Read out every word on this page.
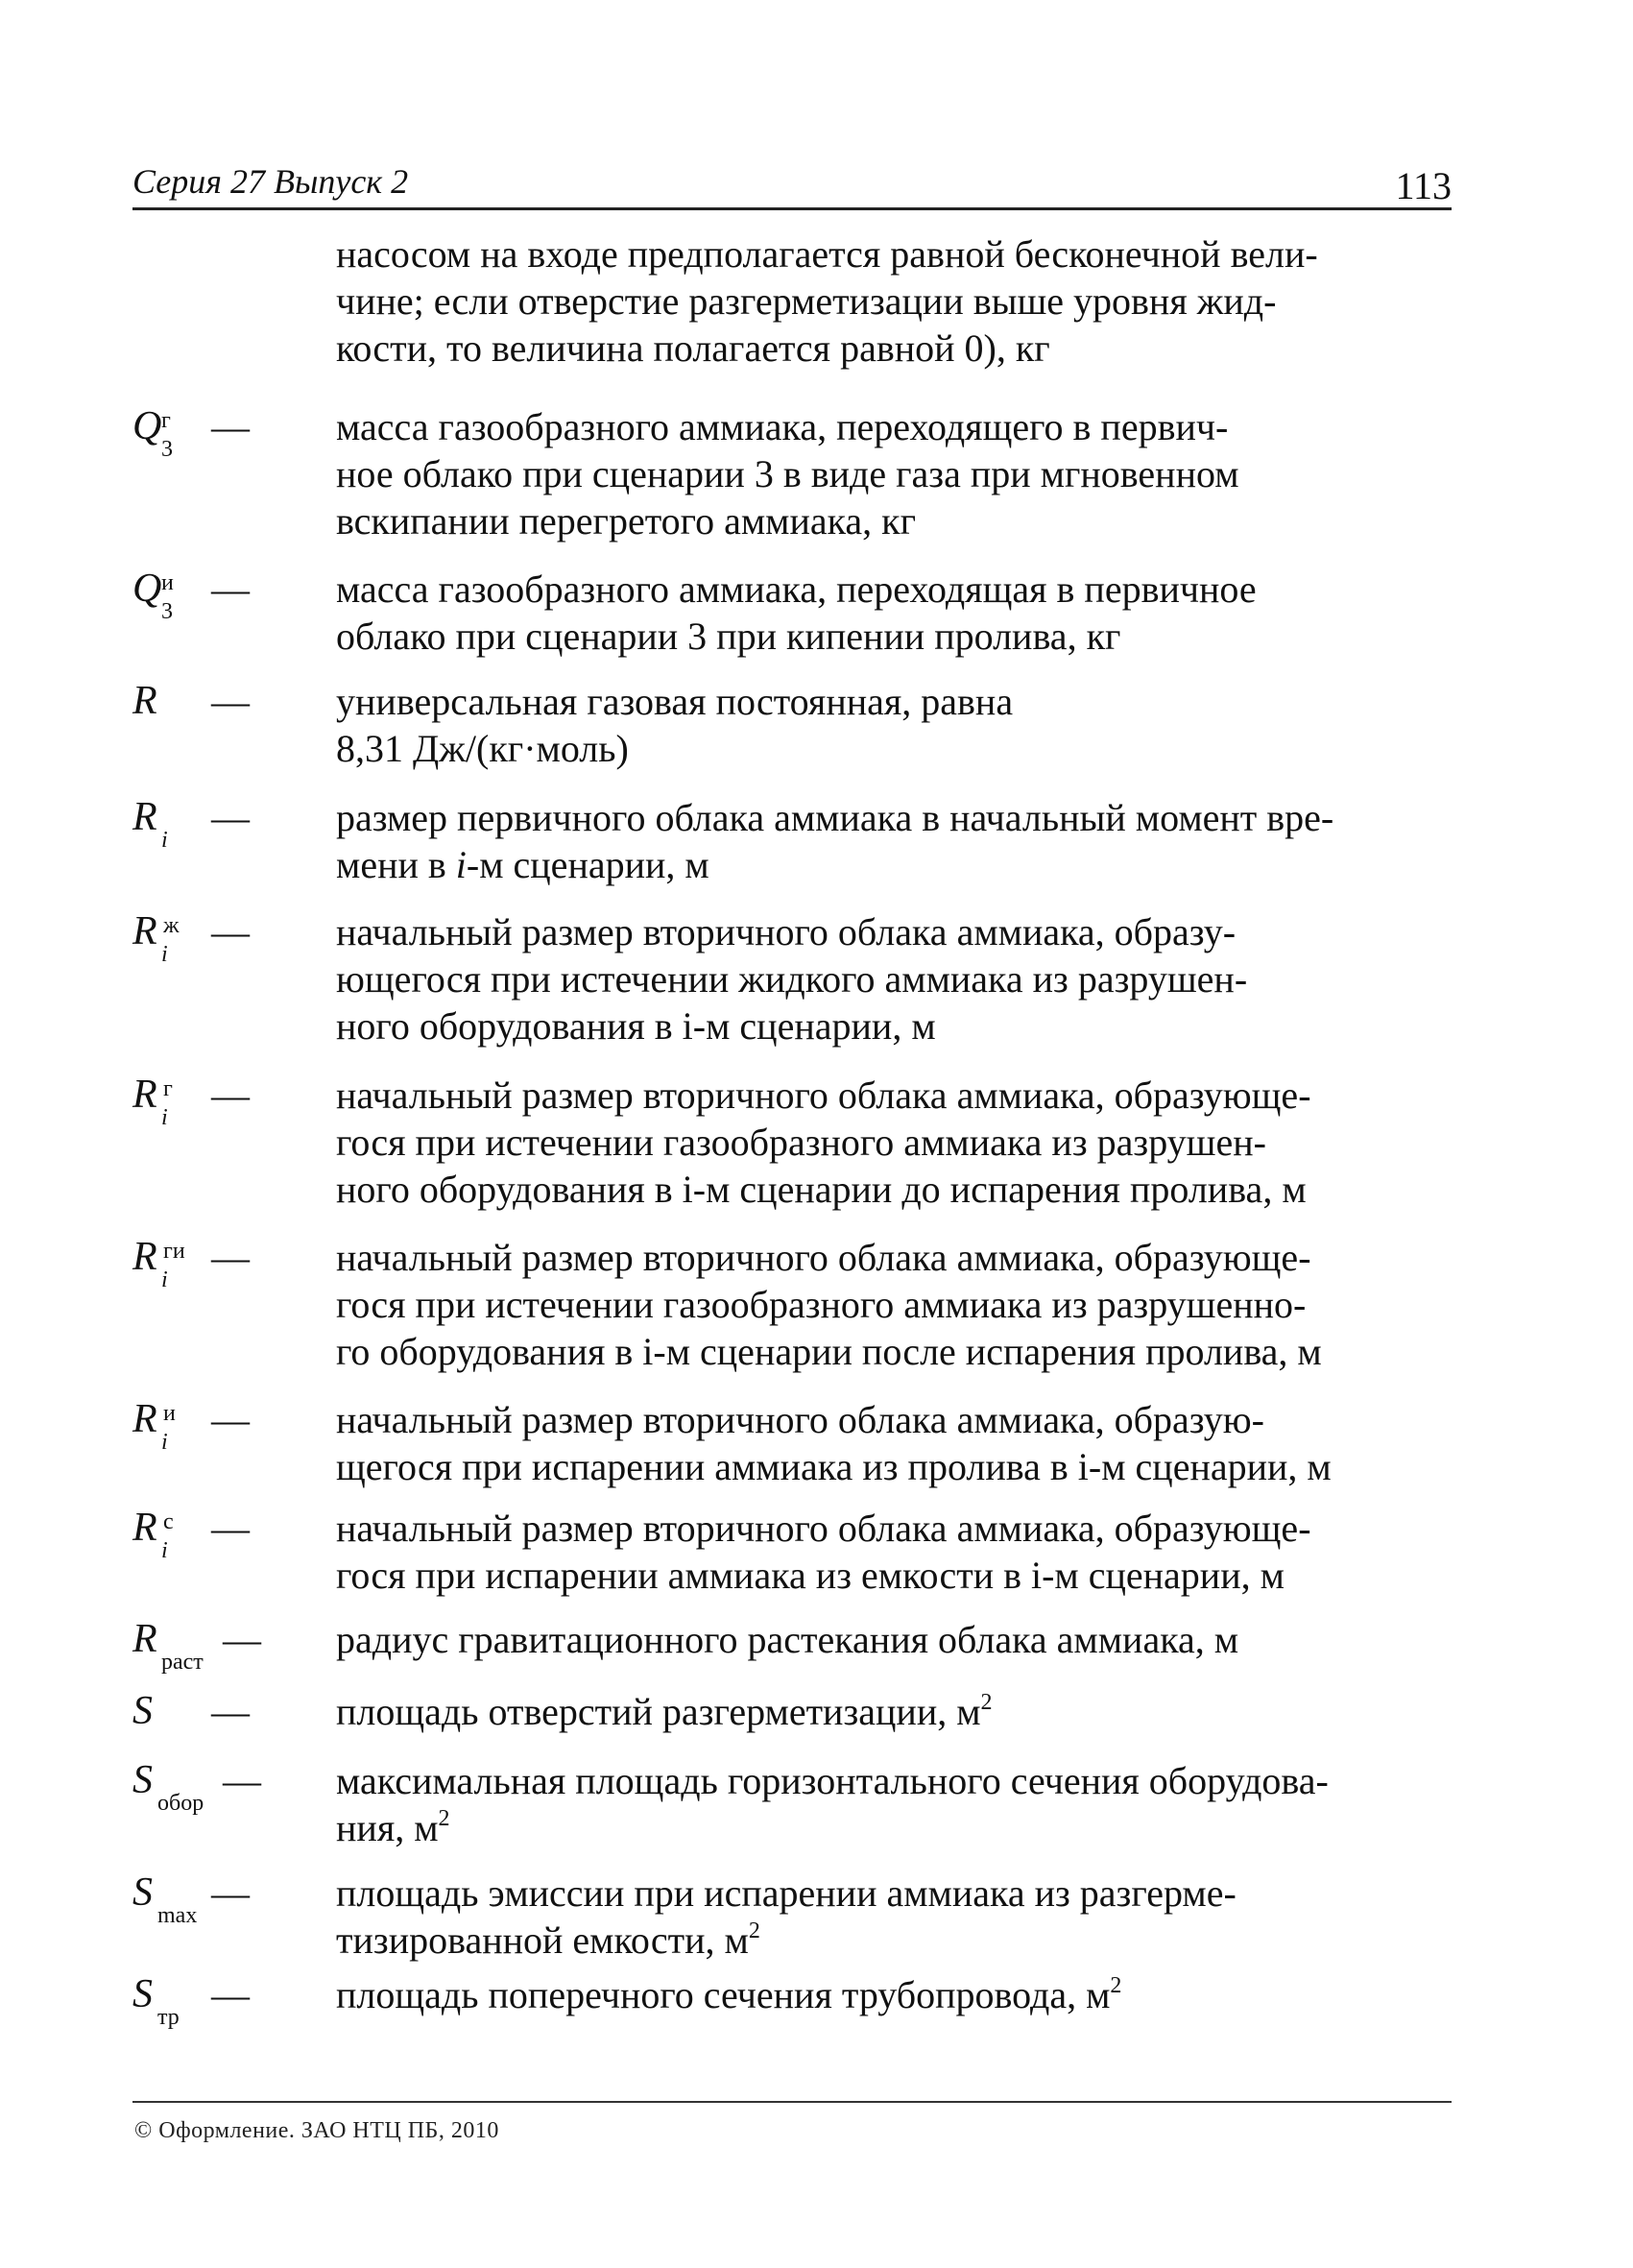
Серия 27 Выпуск 2	113
насосом на входе предполагается равной бесконечной вели-
чине; если отверстие разгерметизации выше уровня жид-
кости, то величина полагается равной 0), кг
Q г
3
— масса газообразного аммиака, переходящего в первич-
ное облако при сценарии 3 в виде газа при мгновенном
вскипании перегретого аммиака, кг
Q и
3
— масса газообразного аммиака, переходящая в первичное
облако при сценарии 3 при кипении пролива, кг
R — универсальная газовая постоянная, равна
8,31 Дж/(кг·моль)
R
i
— размер первичного облака аммиака в начальный момент вре-
мени в i-м сценарии, м
R ж
i
— начальный размер вторичного облака аммиака, образу-
ющегося при истечении жидкого аммиака из разрушен-
ного оборудования в i-м сценарии, м
R г
i
— начальный размер вторичного облака аммиака, образующе-
гося при истечении газообразного аммиака из разрушен-
ного оборудования в i-м сценарии до испарения пролива, м
R ги
i
— начальный размер вторичного облака аммиака, образующе-
гося при истечении газообразного аммиака из разрушенно-
го оборудования в i-м сценарии после испарения пролива, м
R и
i
— начальный размер вторичного облака аммиака, образую-
щегося при испарении аммиака из пролива в i-м сценарии, м
R с
i
— начальный размер вторичного облака аммиака, образующе-
гося при испарении аммиака из емкости в i-м сценарии, м
R
раст
— радиус гравитационного растекания облака аммиака, м
S — площадь отверстий разгерметизации, $м^2$
S
обор
— максимальная площадь горизонтального сечения оборудова-
ния, $м^2$
S
max
— площадь эмиссии при испарении аммиака из разгерме-
тизированной емкости, $м^2$
S
тр
— площадь поперечного сечения трубопровода, $м^2$
© Оформление. ЗАО НТЦ ПБ, 2010
